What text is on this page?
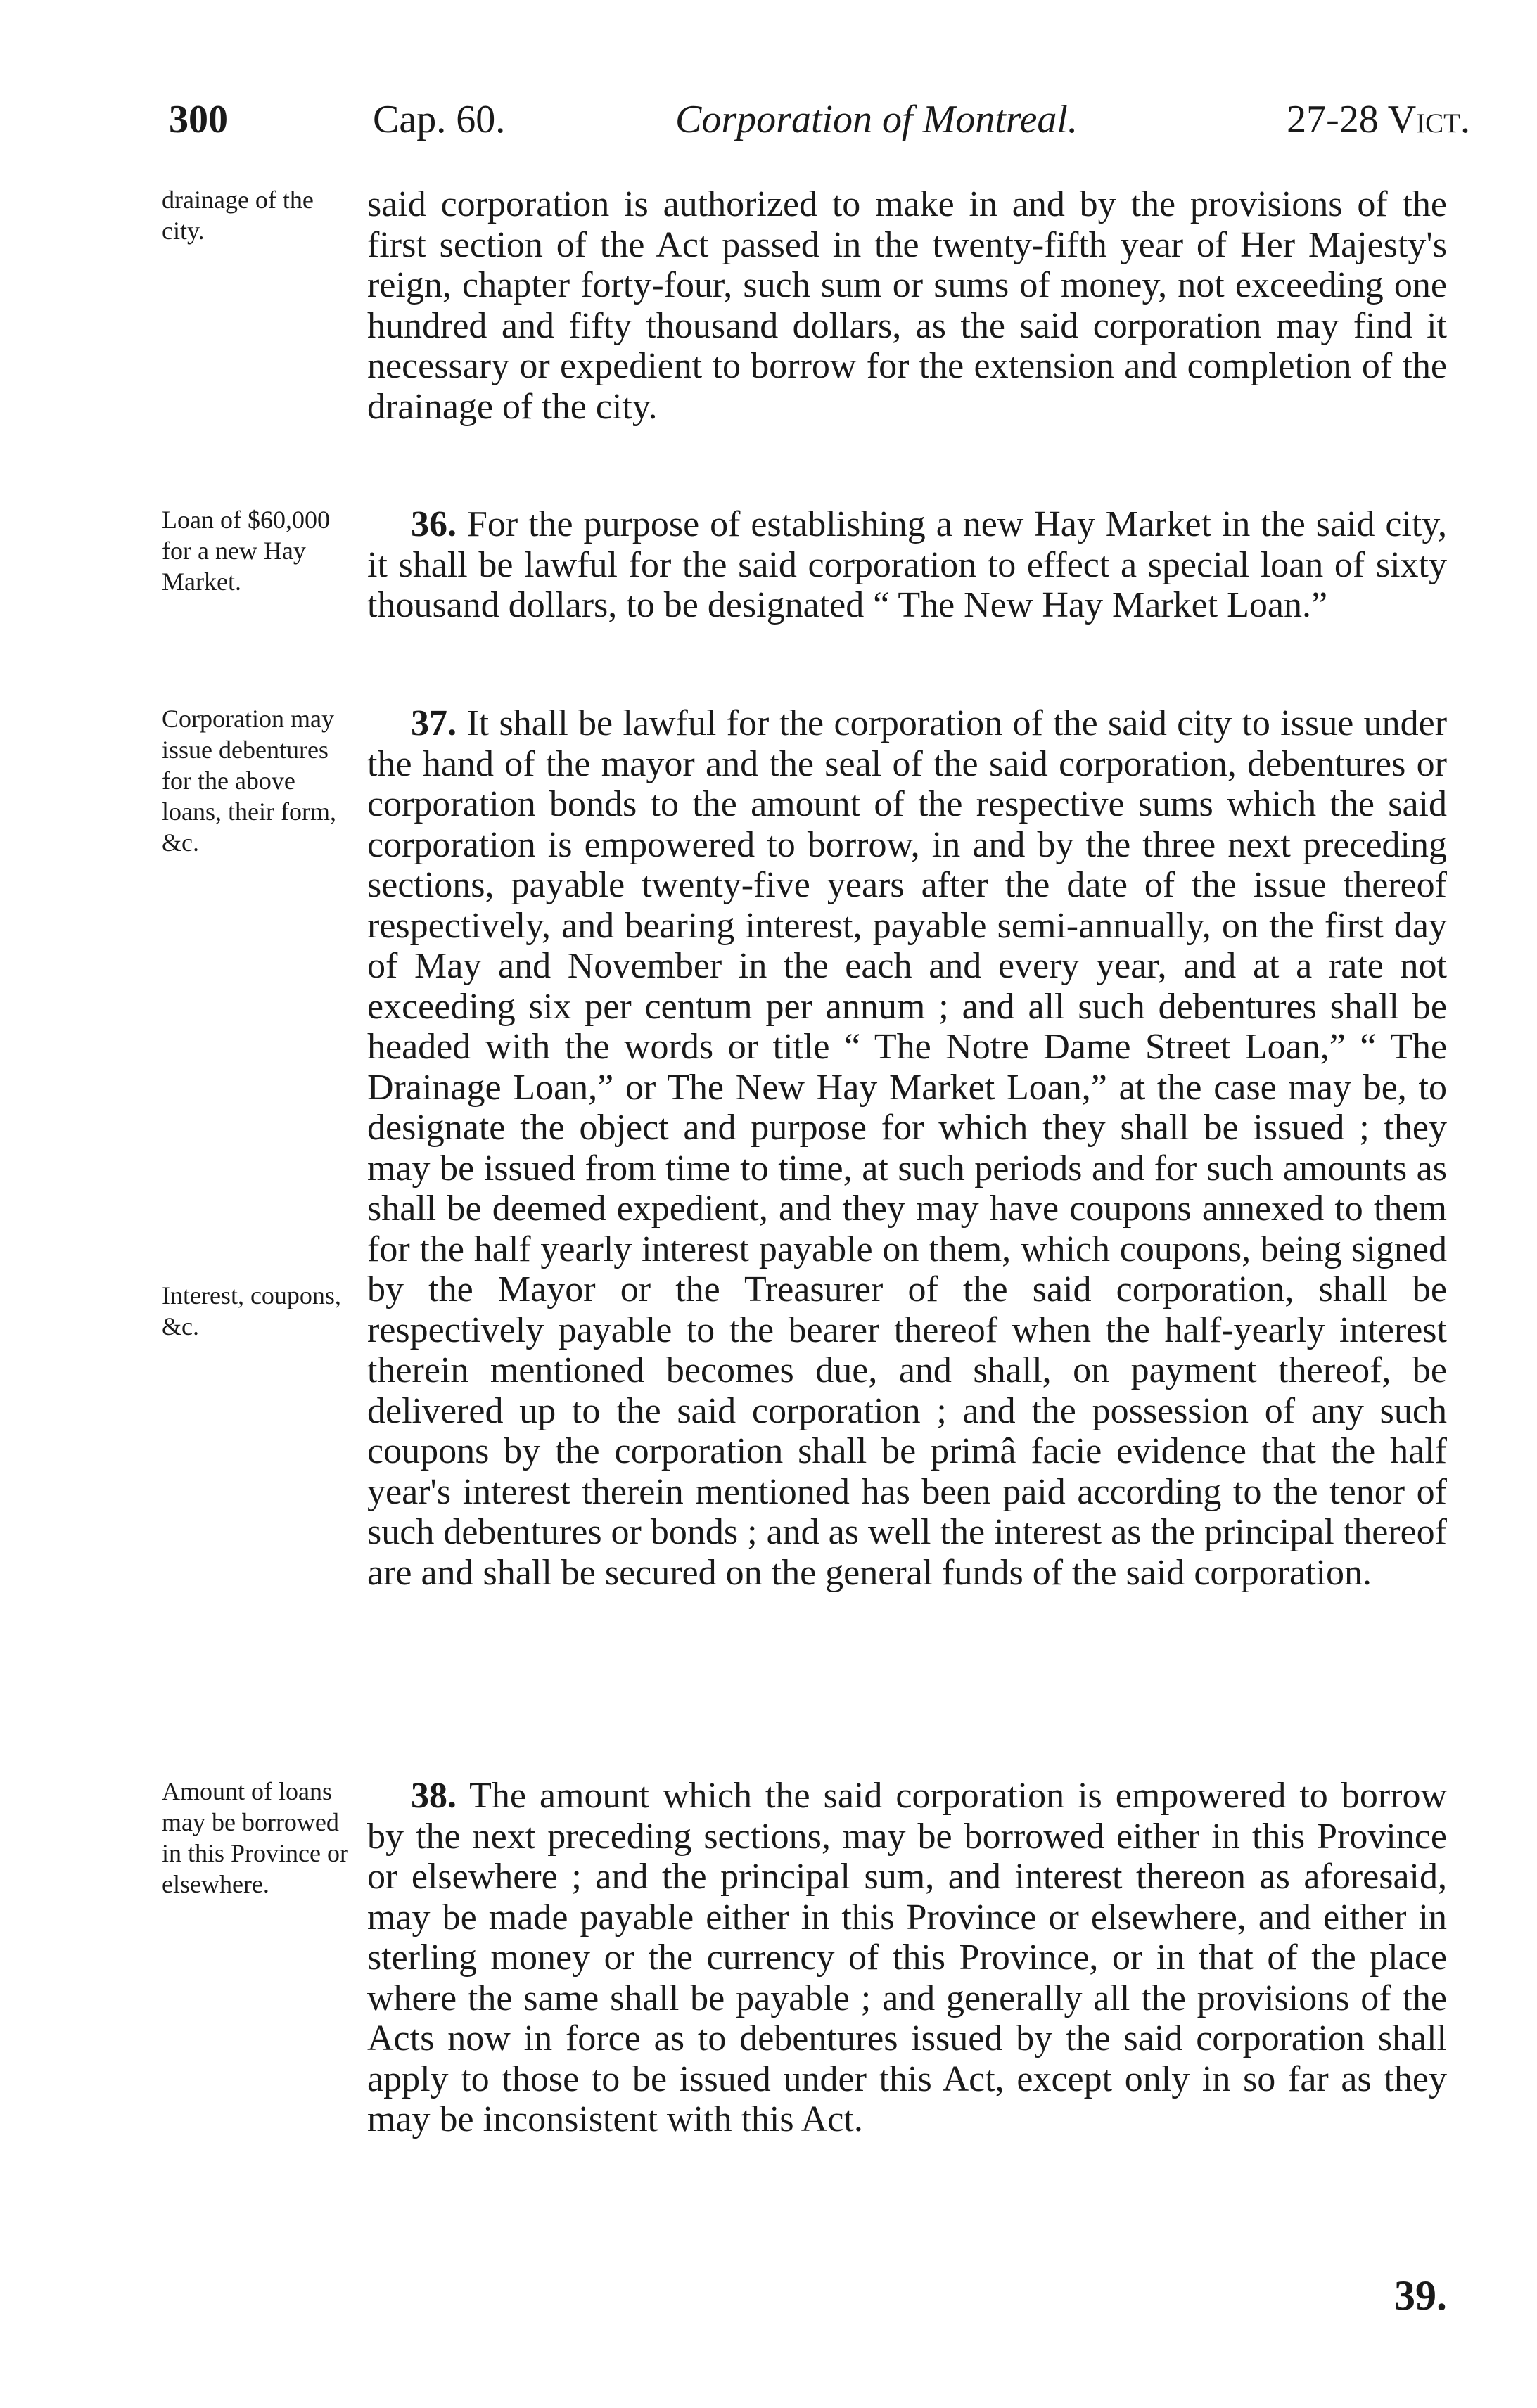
300	Cap. 60.	Corporation of Montreal.	27-28 Vict.

drainage of the city.

said corporation is authorized to make in and by the provisions of the first section of the Act passed in the twenty-fifth year of Her Majesty's reign, chapter forty-four, such sum or sums of money, not exceeding one hundred and fifty thousand dollars, as the said corporation may find it necessary or expedient to borrow for the extension and completion of the drainage of the city.

Loan of $60,000 for a new Hay Market.

36. For the purpose of establishing a new Hay Market in the said city, it shall be lawful for the said corporation to effect a special loan of sixty thousand dollars, to be designated “ The New Hay Market Loan.”

Corporation may issue debentures for the above loans, their form, &c.

Interest, coupons, &c.

37. It shall be lawful for the corporation of the said city to issue under the hand of the mayor and the seal of the said corporation, debentures or corporation bonds to the amount of the respective sums which the said corporation is empowered to borrow, in and by the three next preceding sections, payable twenty-five years after the date of the issue thereof respectively, and bearing interest, payable semi-annually, on the first day of May and November in the each and every year, and at a rate not exceeding six per centum per annum ; and all such debentures shall be headed with the words or title “ The Notre Dame Street Loan,” “ The Drainage Loan,” or The New Hay Market Loan,” at the case may be, to designate the object and purpose for which they shall be issued ; they may be issued from time to time, at such periods and for such amounts as shall be deemed expedient, and they may have coupons annexed to them for the half yearly interest payable on them, which coupons, being signed by the Mayor or the Treasurer of the said corporation, shall be respectively payable to the bearer thereof when the half-yearly interest therein mentioned becomes due, and shall, on payment thereof, be delivered up to the said corporation ; and the possession of any such coupons by the corporation shall be primâ facie evidence that the half year's interest therein mentioned has been paid according to the tenor of such debentures or bonds ; and as well the interest as the principal thereof are and shall be secured on the general funds of the said corporation.

Amount of loans may be borrowed in this Province or elsewhere.

38. The amount which the said corporation is empowered to borrow by the next preceding sections, may be borrowed either in this Province or elsewhere ; and the principal sum, and interest thereon as aforesaid, may be made payable either in this Province or elsewhere, and either in sterling money or the currency of this Province, or in that of the place where the same shall be payable ; and generally all the provisions of the Acts now in force as to debentures issued by the said corporation shall apply to those to be issued under this Act, except only in so far as they may be inconsistent with this Act.

39.
